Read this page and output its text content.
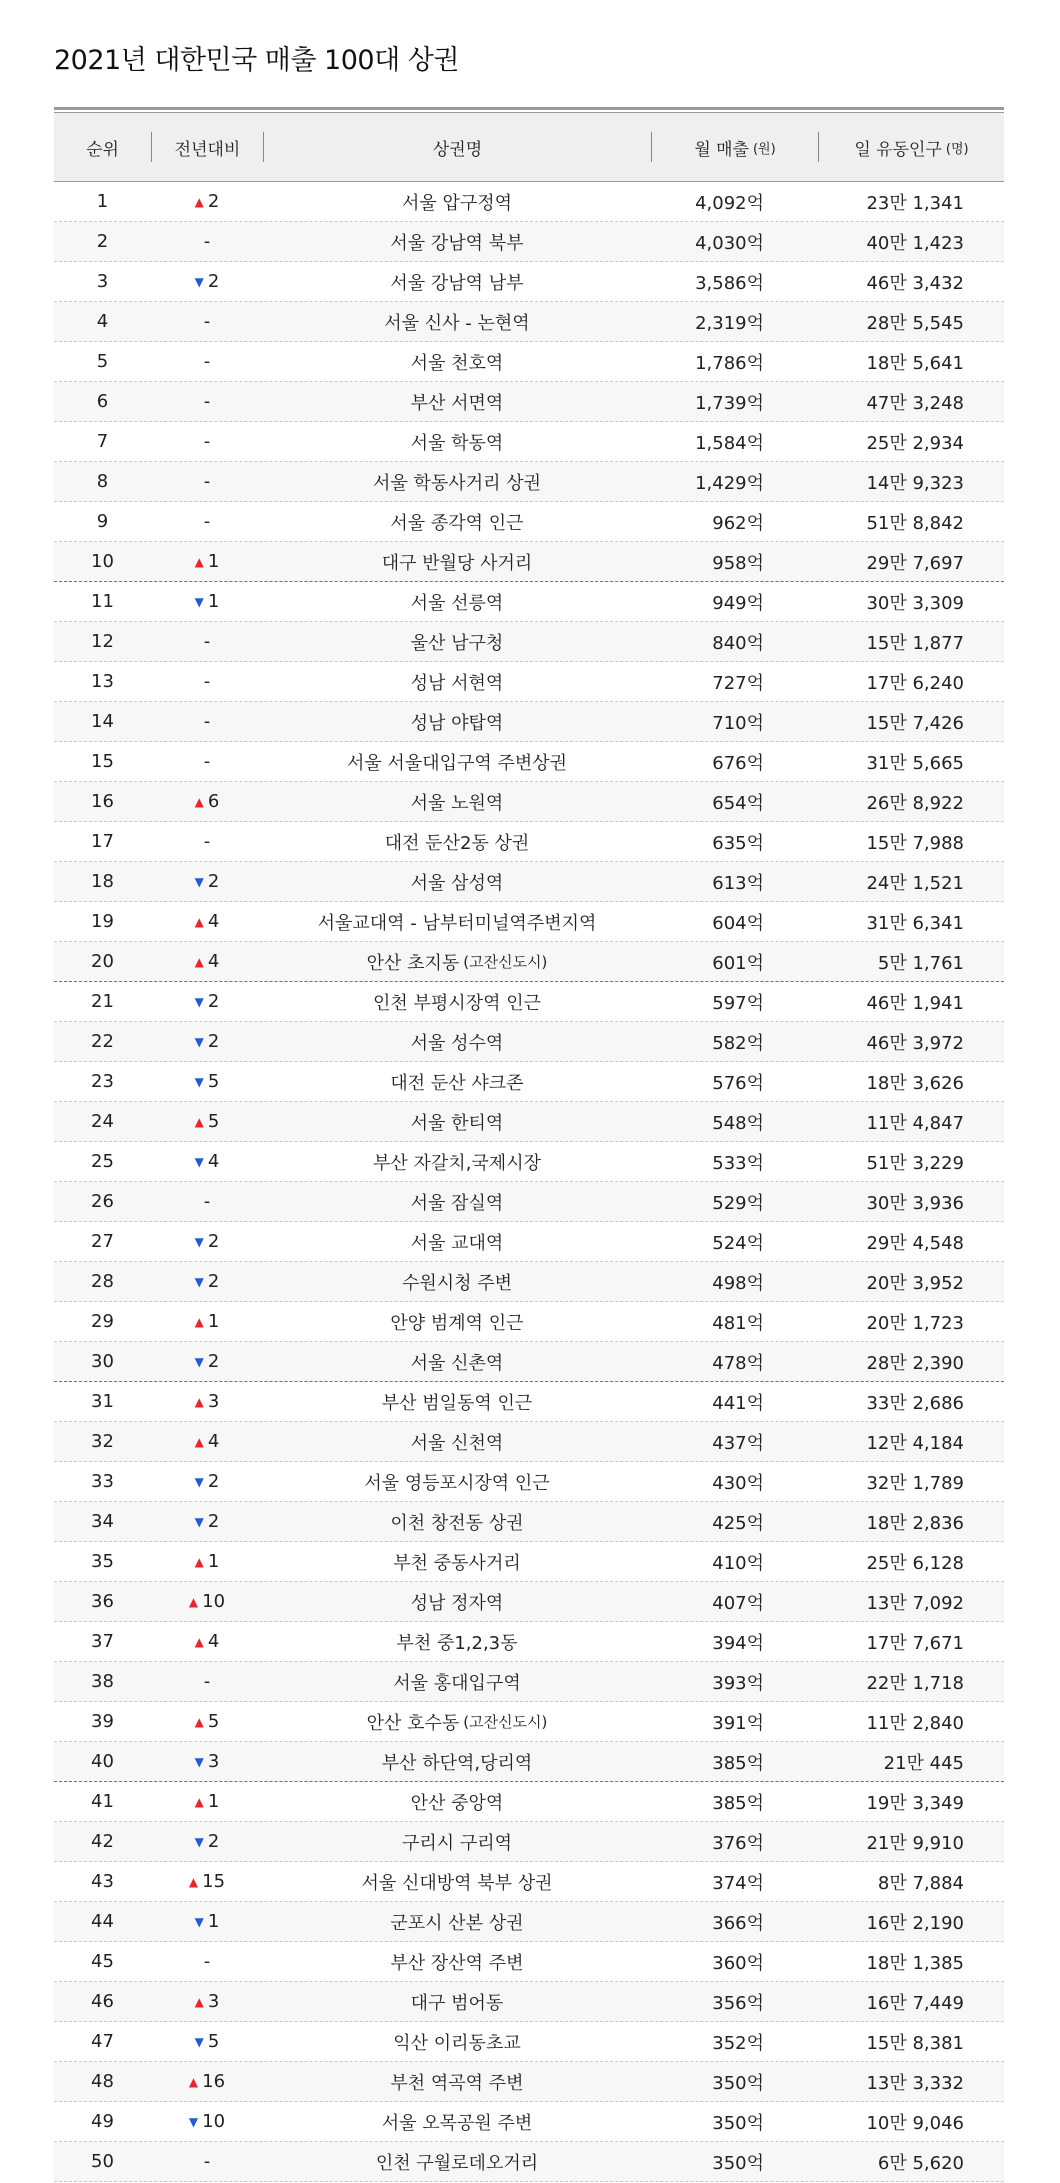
2021년 대한민국 매출 100대 상권
순위	전년대비	상권명	월 매출 (원)	일 유동인구 (명)
1	▲ 2	서울 압구정역	4,092억	23만 1,341
2	-	서울 강남역 북부	4,030억	40만 1,423
3	▼ 2	서울 강남역 남부	3,586억	46만 3,432
4	-	서울 신사 - 논현역	2,319억	28만 5,545
5	-	서울 천호역	1,786억	18만 5,641
6	-	부산 서면역	1,739억	47만 3,248
7	-	서울 학동역	1,584억	25만 2,934
8	-	서울 학동사거리 상권	1,429억	14만 9,323
9	-	서울 종각역 인근	962억	51만 8,842
10	▲ 1	대구 반월당 사거리	958억	29만 7,697
11	▼ 1	서울 선릉역	949억	30만 3,309
12	-	울산 남구청	840억	15만 1,877
13	-	성남 서현역	727억	17만 6,240
14	-	성남 야탑역	710억	15만 7,426
15	-	서울 서울대입구역 주변상권	676억	31만 5,665
16	▲ 6	서울 노원역	654억	26만 8,922
17	-	대전 둔산2동 상권	635억	15만 7,988
18	▼ 2	서울 삼성역	613억	24만 1,521
19	▲ 4	서울교대역 - 남부터미널역주변지역	604억	31만 6,341
20	▲ 4	안산 초지동 (고잔신도시)	601억	5만 1,761
21	▼ 2	인천 부평시장역 인근	597억	46만 1,941
22	▼ 2	서울 성수역	582억	46만 3,972
23	▼ 5	대전 둔산 샤크존	576억	18만 3,626
24	▲ 5	서울 한티역	548억	11만 4,847
25	▼ 4	부산 자갈치,국제시장	533억	51만 3,229
26	-	서울 잠실역	529억	30만 3,936
27	▼ 2	서울 교대역	524억	29만 4,548
28	▼ 2	수원시청 주변	498억	20만 3,952
29	▲ 1	안양 범계역 인근	481억	20만 1,723
30	▼ 2	서울 신촌역	478억	28만 2,390
31	▲ 3	부산 범일동역 인근	441억	33만 2,686
32	▲ 4	서울 신천역	437억	12만 4,184
33	▼ 2	서울 영등포시장역 인근	430억	32만 1,789
34	▼ 2	이천 창전동 상권	425억	18만 2,836
35	▲ 1	부천 중동사거리	410억	25만 6,128
36	▲ 10	성남 정자역	407억	13만 7,092
37	▲ 4	부천 중1,2,3동	394억	17만 7,671
38	-	서울 홍대입구역	393억	22만 1,718
39	▲ 5	안산 호수동 (고잔신도시)	391억	11만 2,840
40	▼ 3	부산 하단역,당리역	385억	21만 445
41	▲ 1	안산 중앙역	385억	19만 3,349
42	▼ 2	구리시 구리역	376억	21만 9,910
43	▲ 15	서울 신대방역 북부 상권	374억	8만 7,884
44	▼ 1	군포시 산본 상권	366억	16만 2,190
45	-	부산 장산역 주변	360억	18만 1,385
46	▲ 3	대구 범어동	356억	16만 7,449
47	▼ 5	익산 이리동초교	352억	15만 8,381
48	▲ 16	부천 역곡역 주변	350억	13만 3,332
49	▼ 10	서울 오목공원 주변	350억	10만 9,046
50	-	인천 구월로데오거리	350억	6만 5,620
